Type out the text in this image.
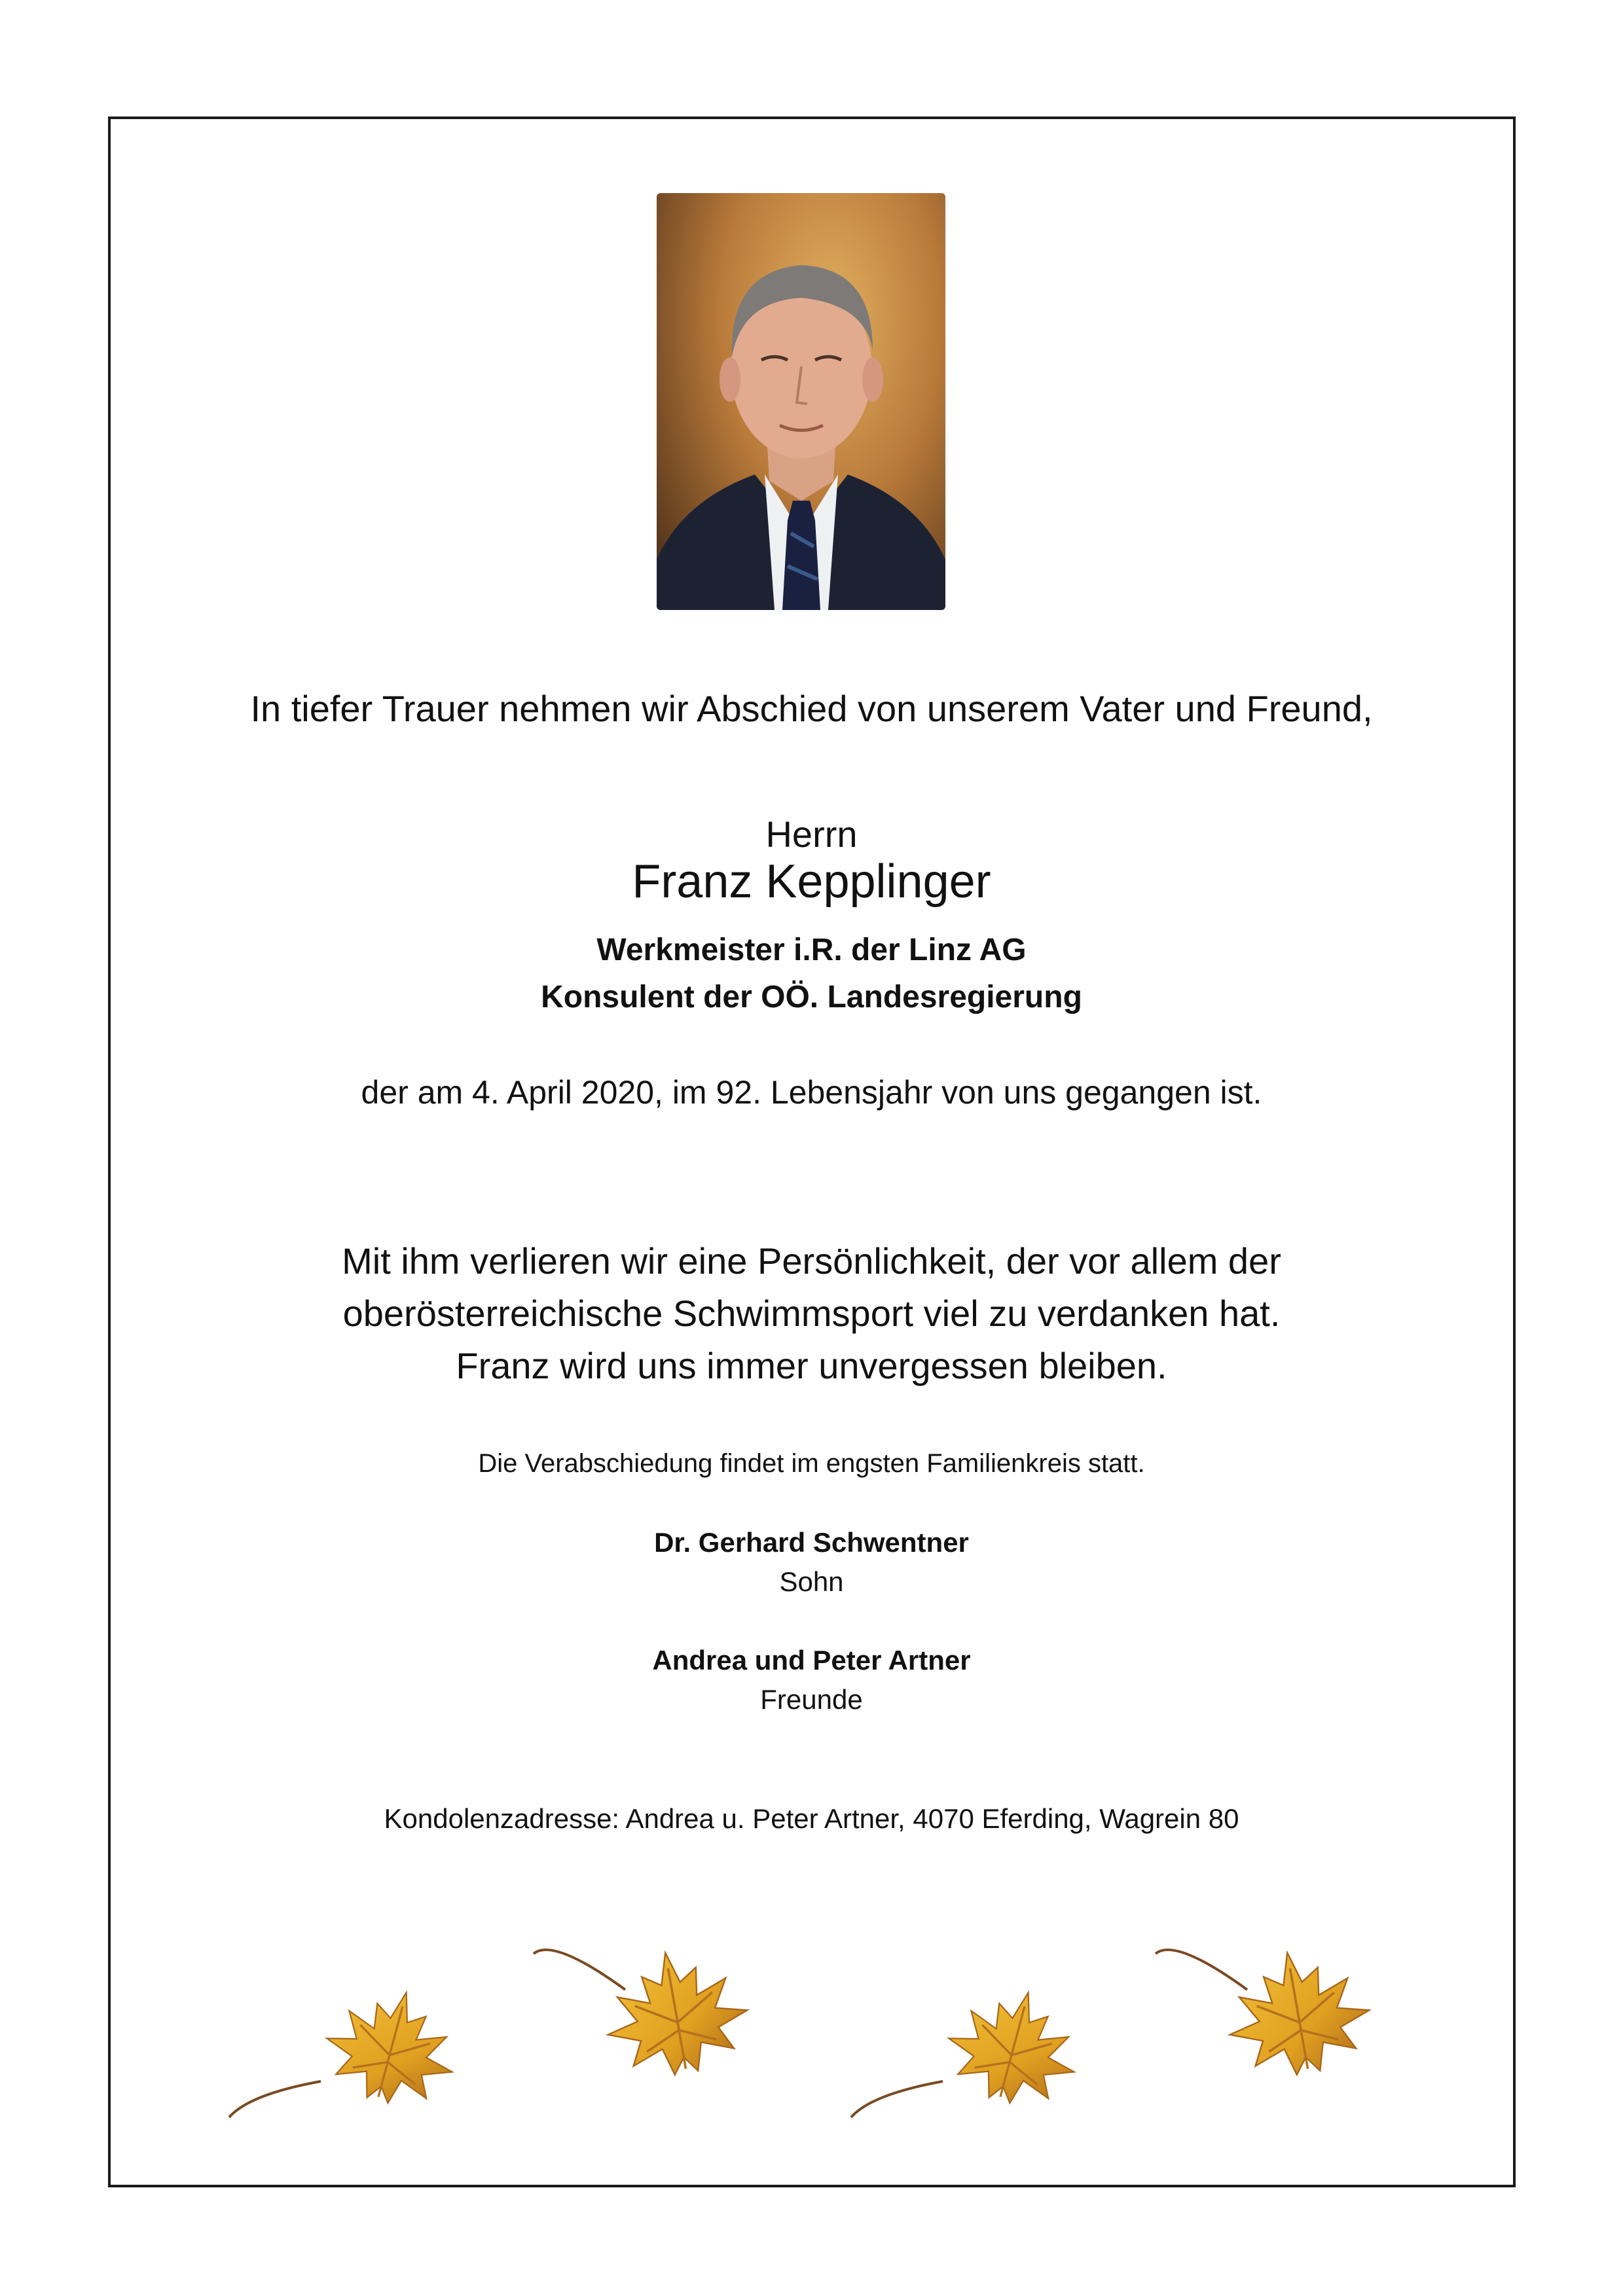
In tiefer Trauer nehmen wir Abschied von unserem Vater und Freund,
Herrn
Franz Kepplinger
Werkmeister i.R. der Linz AG
Konsulent der OÖ. Landesregierung
der am 4. April 2020, im 92. Lebensjahr von uns gegangen ist.
Mit ihm verlieren wir eine Persönlichkeit, der vor allem der
oberösterreichische Schwimmsport viel zu verdanken hat.
Franz wird uns immer unvergessen bleiben.
Die Verabschiedung findet im engsten Familienkreis statt.
Dr. Gerhard Schwentner
Sohn
Andrea und Peter Artner
Freunde
Kondolenzadresse: Andrea u. Peter Artner, 4070 Eferding, Wagrein 80
